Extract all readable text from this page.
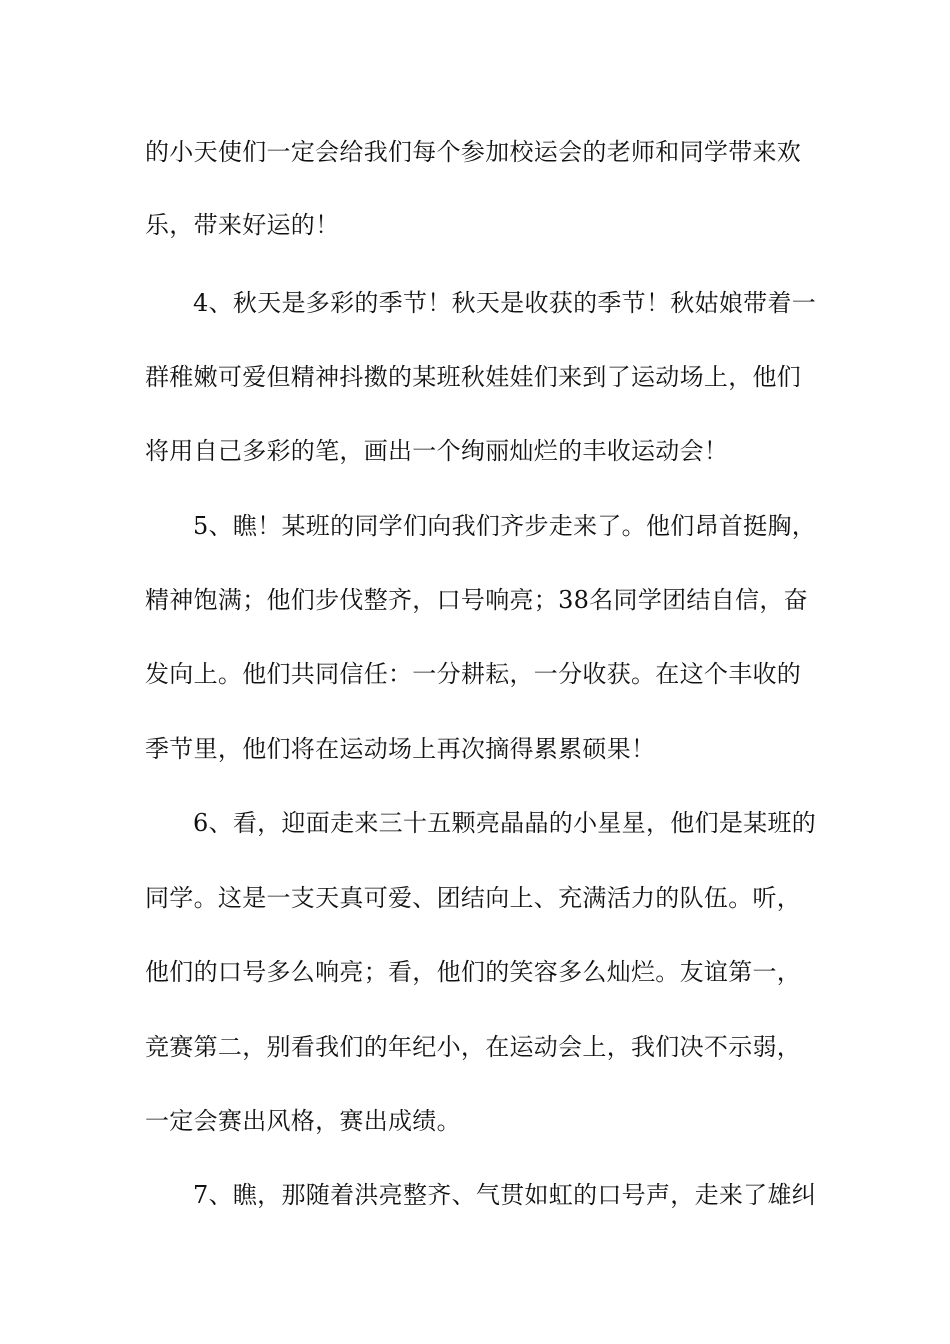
的小天使们一定会给我们每个参加校运会的老师和同学带来欢
乐，带来好运的！
4、秋天是多彩的季节！秋天是收获的季节！秋姑娘带着一
群稚嫩可爱但精神抖擞的某班秋娃娃们来到了运动场上，他们
将用自己多彩的笔，画出一个绚丽灿烂的丰收运动会！
5、瞧！某班的同学们向我们齐步走来了。他们昂首挺胸，
精神饱满；他们步伐整齐，口号响亮；38名同学团结自信，奋
发向上。他们共同信任：一分耕耘，一分收获。在这个丰收的
季节里，他们将在运动场上再次摘得累累硕果！
6、看，迎面走来三十五颗亮晶晶的小星星，他们是某班的
同学。这是一支天真可爱、团结向上、充满活力的队伍。听，
他们的口号多么响亮；看，他们的笑容多么灿烂。友谊第一，
竞赛第二，别看我们的年纪小，在运动会上，我们决不示弱，
一定会赛出风格，赛出成绩。
7、瞧，那随着洪亮整齐、气贯如虹的口号声，走来了雄纠
